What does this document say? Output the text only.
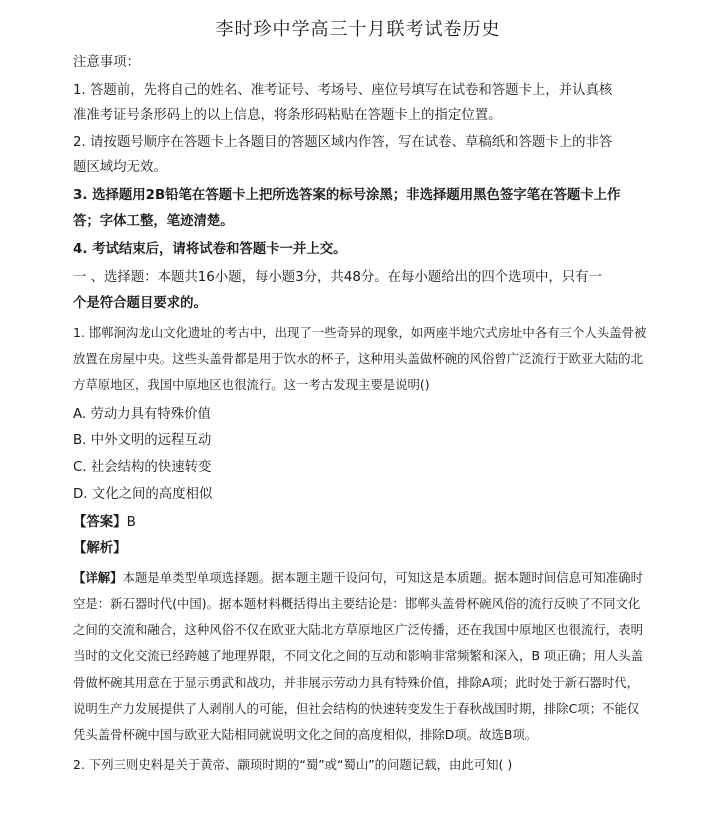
李时珍中学高三十月联考试卷历史
注意事项：
1. 答题前，先将自己的姓名、准考证号、考场号、座位号填写在试卷和答题卡上，并认真核
准准考证号条形码上的以上信息，将条形码粘贴在答题卡上的指定位置。
2. 请按题号顺序在答题卡上各题目的答题区域内作答，写在试卷、草稿纸和答题卡上的非答
题区域均无效。
3. 选择题用2B铅笔在答题卡上把所选答案的标号涂黑；非选择题用黑色签字笔在答题卡上作
答；字体工整，笔迹清楚。
4. 考试结束后，请将试卷和答题卡一并上交。
一 、选择题：本题共16小题，每小题3分，共48分。在每小题给出的四个选项中，只有一
个是符合题目要求的。
1. 邯郸涧沟龙山文化遗址的考古中，出现了一些奇异的现象，如两座半地穴式房址中各有三个人头盖骨被
放置在房屋中央。这些头盖骨都是用于饮水的杯子，这种用头盖做杯碗的风俗曾广泛流行于欧亚大陆的北
方草原地区，我国中原地区也很流行。这一考古发现主要是说明()
A. 劳动力具有特殊价值
B. 中外文明的远程互动
C. 社会结构的快速转变
D. 文化之间的高度相似
【答案】B
【解析】
【详解】本题是单类型单项选择题。据本题主题干设问句，可知这是本质题。据本题时间信息可知准确时
空是：新石器时代(中国)。据本题材料概括得出主要结论是：邯郸头盖骨杯碗风俗的流行反映了不同文化
之间的交流和融合，这种风俗不仅在欧亚大陆北方草原地区广泛传播，还在我国中原地区也很流行，表明
当时的文化交流已经跨越了地理界限，不同文化之间的互动和影响非常频繁和深入，B 项正确；用人头盖
骨做杯碗其用意在于显示勇武和战功，并非展示劳动力具有特殊价值，排除A项；此时处于新石器时代，
说明生产力发展提供了人剥削人的可能，但社会结构的快速转变发生于春秋战国时期，排除C项；不能仅
凭头盖骨杯碗中国与欧亚大陆相同就说明文化之间的高度相似，排除D项。故选B项。
2. 下列三则史料是关于黄帝、颛顼时期的“蜀”或“蜀山”的问题记载，由此可知( )
